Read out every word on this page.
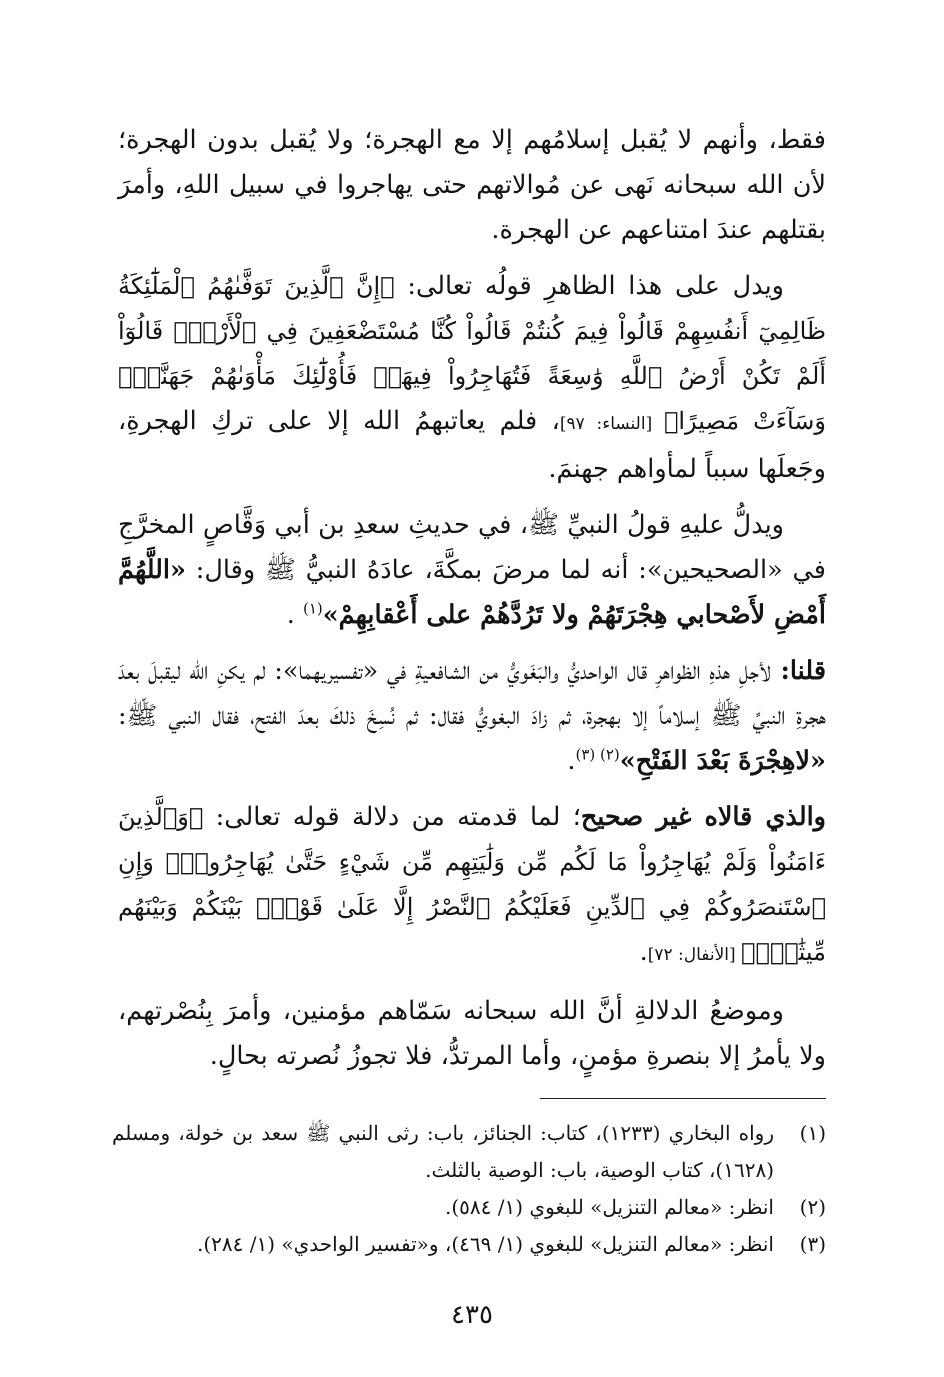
فقط، وأنهم لا يُقبل إسلامُهم إلا مع الهجرة؛ ولا يُقبل بدون الهجرة؛ لأن الله سبحانه نَهى عن مُوالاتهم حتى يهاجروا في سبيل اللهِ، وأمرَ بقتلهم عندَ امتناعهم عن الهجرة.

ويدل على هذا الظاهرِ قولُه تعالى: ﴿إِنَّ ٱلَّذِينَ تَوَفَّىٰهُمُ ٱلْمَلَٰٓئِكَةُ ظَالِمِيٓ أَنفُسِهِمْ قَالُواْ فِيمَ كُنتُمْ قَالُواْ كُنَّا مُسْتَضْعَفِينَ فِي ٱلْأَرْضِۚ قَالُوٓاْ أَلَمْ تَكُنْ أَرْضُ ٱللَّهِ وَٰسِعَةً فَتُهَاجِرُواْ فِيهَاۚ فَأُوْلَٰٓئِكَ مَأْوَىٰهُمْ جَهَنَّمُۖ وَسَآءَتْ مَصِيرًا﴾ [النساء: ٩٧]، فلم يعاتبهمُ الله إلا على تركِ الهجرةِ، وجَعلَها سبباً لمأواهم جهنمَ.

ويدلُّ عليهِ قولُ النبيِّ ﷺ، في حديثِ سعدِ بن أبي وَقَّاصٍ المخرَّجِ في «الصحيحين»: أنه لما مرضَ بمكَّةَ، عادَهُ النبيُّ ﷺ وقال: «اللَّهُمَّ أَمْضِ لأَصْحابي هِجْرَتَهُمْ ولا تَرُدَّهُمْ على أَعْقابِهِمْ»$^{(١)}$ .

قلنا: لأجلِ هذهِ الظواهرِ قال الواحديُّ والبَغَويُّ من الشافعيةِ في «تفسيريهما»: لم يكنِ الله ليقبلَ بعدَ هجرةِ النبيِّ ﷺ إسلاماً إلا بهجرة، ثم زادَ البغويُّ فقال: ثم نُسِخَ ذلكَ بعدَ الفتح، فقال النبي ﷺ: «لاهِجْرَةَ بَعْدَ الفَتْحِ»$^{(٢) (٣)}$.

والذي قالاه غير صحيح؛ لما قدمته من دلالة قوله تعالى: ﴿وَٱلَّذِينَ ءَامَنُواْ وَلَمْ يُهَاجِرُواْ مَا لَكُم مِّن وَلَٰيَتِهِم مِّن شَيْءٍ حَتَّىٰ يُهَاجِرُواْۚ وَإِنِ ٱسْتَنصَرُوكُمْ فِي ٱلدِّينِ فَعَلَيْكُمُ ٱلنَّصْرُ إِلَّا عَلَىٰ قَوْمٍۭ بَيْنَكُمْ وَبَيْنَهُم مِّيثَٰقٌۗ﴾ [الأنفال: ٧٢].

وموضعُ الدلالةِ أنَّ الله سبحانه سَمّاهم مؤمنين، وأمرَ بِنُصْرتهم، ولا يأمرُ إلا بنصرةِ مؤمنٍ، وأما المرتدُّ، فلا تجوزُ نُصرته بحالٍ.

(١)
رواه البخاري (١٢٣٣)، كتاب: الجنائز، باب: رثى النبي ﷺ سعد بن خولة، ومسلم (١٦٢٨)، كتاب الوصية، باب: الوصية بالثلث.
(٢)
انظر: «معالم التنزيل» للبغوي (١/ ٥٨٤).
(٣)
انظر: «معالم التنزيل» للبغوي (١/ ٤٦٩)، و«تفسير الواحدي» (١/ ٢٨٤).
٤٣٥
